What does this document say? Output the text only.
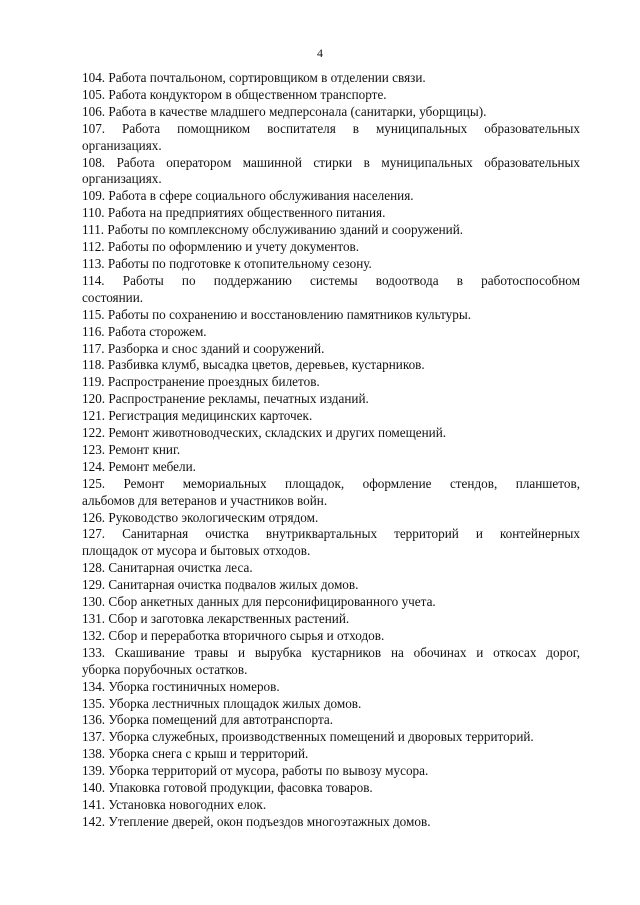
4

104. Работа почтальоном, сортировщиком в отделении связи.

105. Работа кондуктором в общественном транспорте.

106. Работа в качестве младшего медперсонала (санитарки, уборщицы).

107. Работа помощником воспитателя в муниципальных образовательных
организациях.

108. Работа оператором машинной стирки в муниципальных образовательных
организациях.

109. Работа в сфере социального обслуживания населения.

110. Работа на предприятиях общественного питания.

111. Работы по комплексному обслуживанию зданий и сооружений.

112. Работы по оформлению и учету документов.

113. Работы по подготовке к отопительному сезону.

114. Работы по поддержанию системы водоотвода в работоспособном
состоянии.

115. Работы по сохранению и восстановлению памятников культуры.

116. Работа сторожем.

117. Разборка и снос зданий и сооружений.

118. Разбивка клумб, высадка цветов, деревьев, кустарников.

119. Распространение проездных билетов.

120. Распространение рекламы, печатных изданий.

121. Регистрация медицинских карточек.

122. Ремонт животноводческих, складских и других помещений.

123. Ремонт книг.

124. Ремонт мебели.

125. Ремонт мемориальных площадок, оформление стендов, планшетов,
альбомов для ветеранов и участников войн.

126. Руководство экологическим отрядом.

127. Санитарная очистка внутриквартальных территорий и контейнерных
площадок от мусора и бытовых отходов.

128. Санитарная очистка леса.

129. Санитарная очистка подвалов жилых домов.

130. Сбор анкетных данных для персонифицированного учета.

131. Сбор и заготовка лекарственных растений.

132. Сбор и переработка вторичного сырья и отходов.

133. Скашивание травы и вырубка кустарников на обочинах и откосах дорог,
уборка порубочных остатков.

134. Уборка гостиничных номеров.

135. Уборка лестничных площадок жилых домов.

136. Уборка помещений для автотранспорта.

137. Уборка служебных, производственных помещений и дворовых территорий.

138. Уборка снега с крыш и территорий.

139. Уборка территорий от мусора, работы по вывозу мусора.

140. Упаковка готовой продукции, фасовка товаров.

141. Установка новогодних елок.

142. Утепление дверей, окон подъездов многоэтажных домов.
